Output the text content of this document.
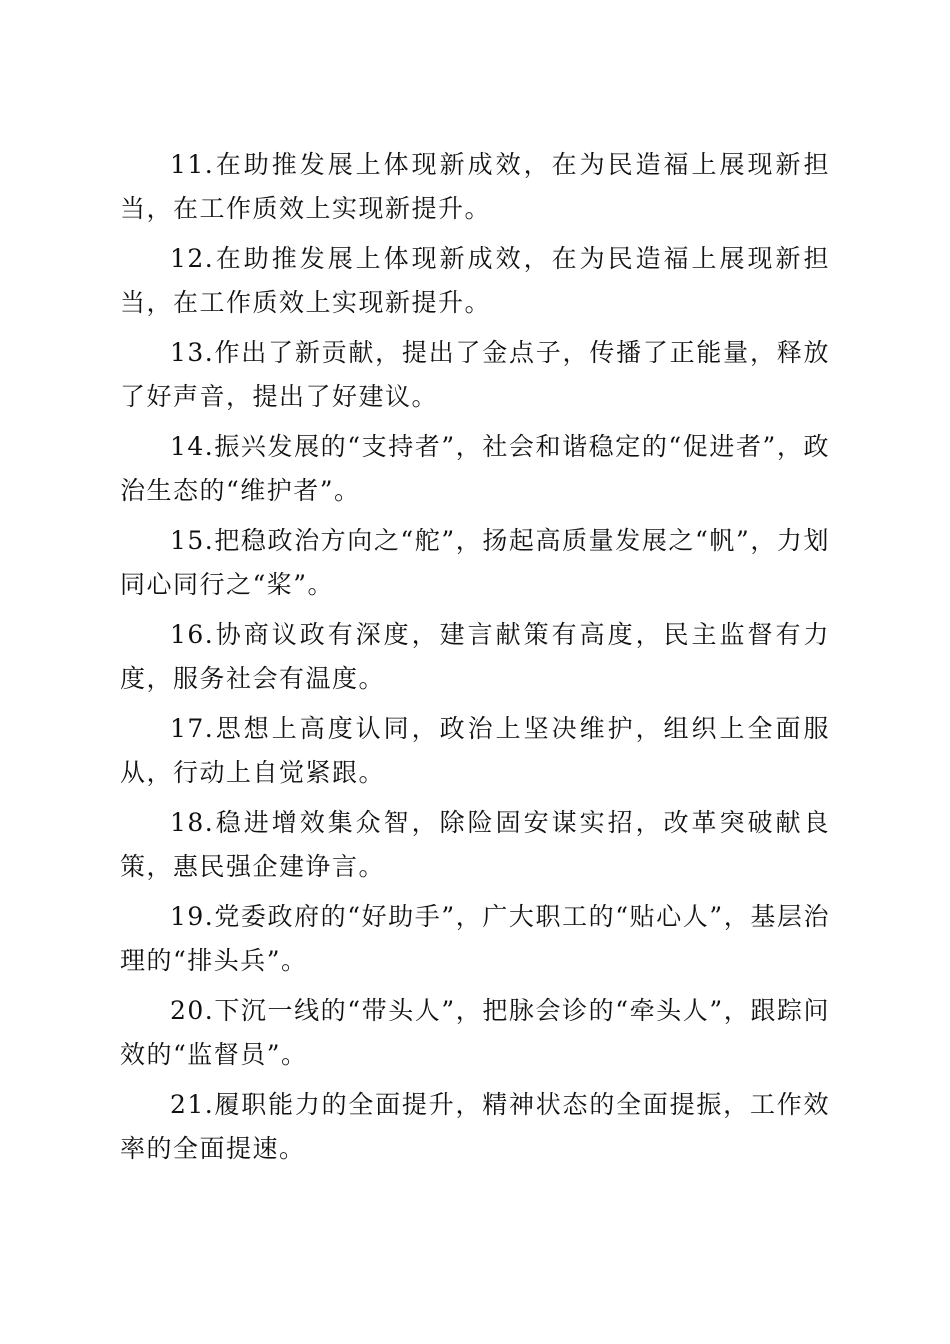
11.在助推发展上体现新成效，在为民造福上展现新担当，在工作质效上实现新提升。

12.在助推发展上体现新成效，在为民造福上展现新担当，在工作质效上实现新提升。

13.作出了新贡献，提出了金点子，传播了正能量，释放了好声音，提出了好建议。

14.振兴发展的“支持者”，社会和谐稳定的“促进者”，政治生态的“维护者”。

15.把稳政治方向之“舵”，扬起高质量发展之“帆”，力划同心同行之“桨”。

16.协商议政有深度，建言献策有高度，民主监督有力度，服务社会有温度。

17.思想上高度认同，政治上坚决维护，组织上全面服从，行动上自觉紧跟。

18.稳进增效集众智，除险固安谋实招，改革突破献良策，惠民强企建诤言。

19.党委政府的“好助手”，广大职工的“贴心人”，基层治理的“排头兵”。

20.下沉一线的“带头人”，把脉会诊的“牵头人”，跟踪问效的“监督员”。

21.履职能力的全面提升，精神状态的全面提振，工作效率的全面提速。
